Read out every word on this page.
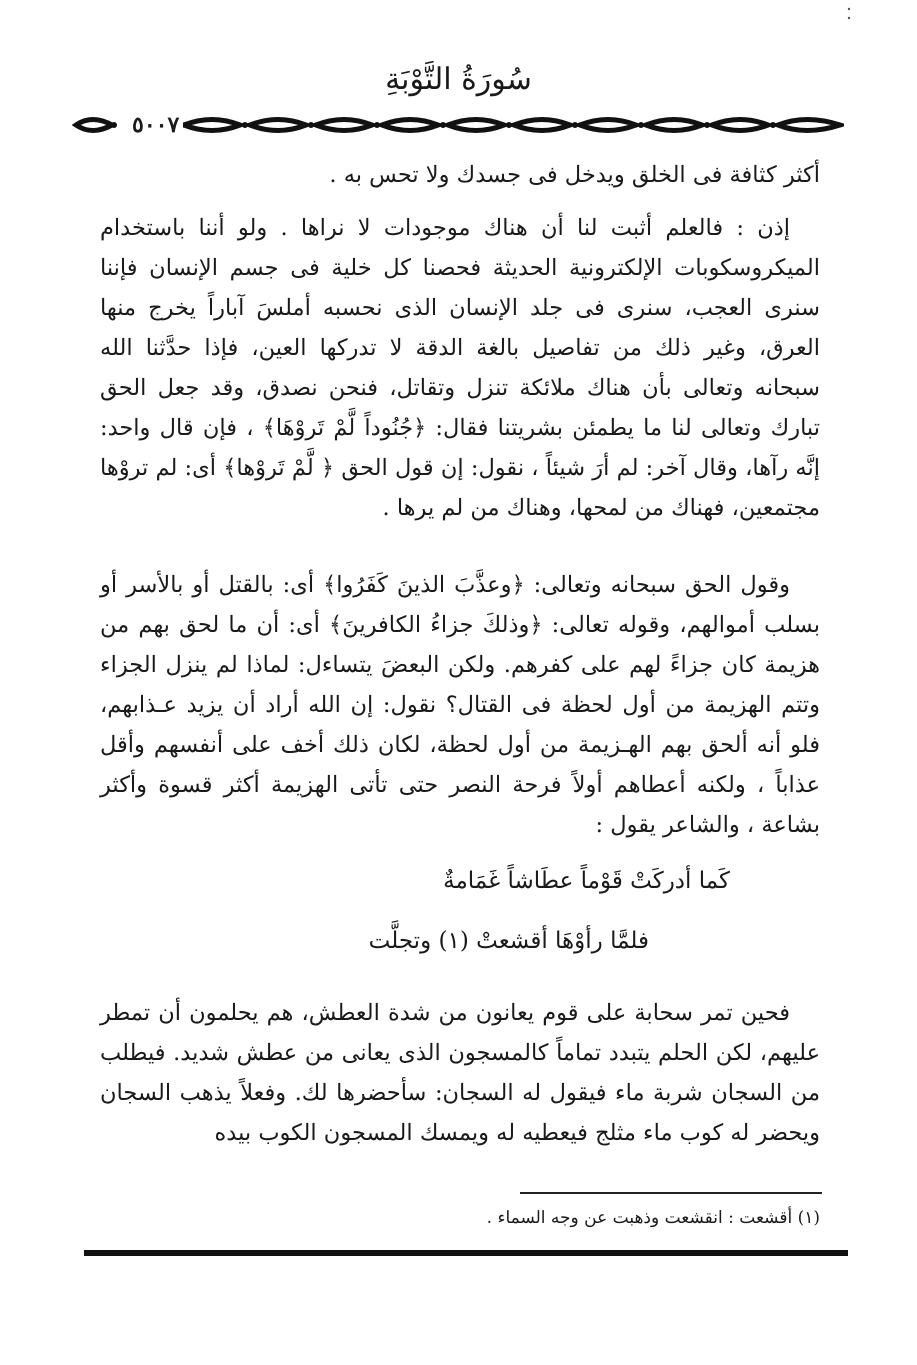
سُورَةُ التَّوْبَةِ
٥٠٠٧

أكثر كثافة فى الخلق ويدخل فى جسدك ولا تحس به .

إذن : فالعلم أثبت لنا أن هناك موجودات لا نراها . ولو أننا باستخدام الميكروسكوبات الإلكترونية الحديثة فحصنا كل خلية فى جسم الإنسان فإننا سنرى العجب، سنرى فى جلد الإنسان الذى نحسبه أملسَ آباراً يخرج منها العرق، وغير ذلك من تفاصيل بالغة الدقة لا تدركها العين، فإذا حدَّثنا الله سبحانه وتعالى بأن هناك ملائكة تنزل وتقاتل، فنحن نصدق، وقد جعل الحق تبارك وتعالى لنا ما يطمئن بشريتنا فقال: ﴿جُنُوداً لَّمْ تَروْهَا﴾ ، فإن قال واحد: إنَّه رآها، وقال آخر: لم أرَ شيئاً ، نقول: إن قول الحق ﴿ لَّمْ تَروْها﴾ أى: لم تروْها مجتمعين، فهناك من لمحها، وهناك من لم يرها .

وقول الحق سبحانه وتعالى: ﴿وعذَّبَ الذينَ كَفَرُوا﴾ أى: بالقتل أو بالأسر أو بسلب أموالهم، وقوله تعالى: ﴿وذلكَ جزاءُ الكافرينَ﴾ أى: أن ما لحق بهم من هزيمة كان جزاءً لهم على كفرهم. ولكن البعضَ يتساءل: لماذا لم ينزل الجزاء وتتم الهزيمة من أول لحظة فى القتال؟ نقول: إن الله أراد أن يزيد عـذابهم، فلو أنه ألحق بهم الهـزيمة من أول لحظة، لكان ذلك أخف على أنفسهم وأقل عذاباً ، ولكنه أعطاهم أولاً فرحة النصر حتى تأتى الهزيمة أكثر قسوة وأكثر بشاعة ، والشاعر يقول :

كَما أدركَتْ قَوْماً عطَاشاً غَمَامةٌ
فلمَّا رأوْهَا أقشعتْ (١) وتجلَّت

فحين تمر سحابة على قوم يعانون من شدة العطش، هم يحلمون أن تمطر عليهم، لكن الحلم يتبدد تماماً كالمسجون الذى يعانى من عطش شديد. فيطلب من السجان شربة ماء فيقول له السجان: سأحضرها لك. وفعلاً يذهب السجان ويحضر له كوب ماء مثلج فيعطيه له ويمسك المسجون الكوب بيده

(١) أقشعت : انقشعت وذهبت عن وجه السماء .
